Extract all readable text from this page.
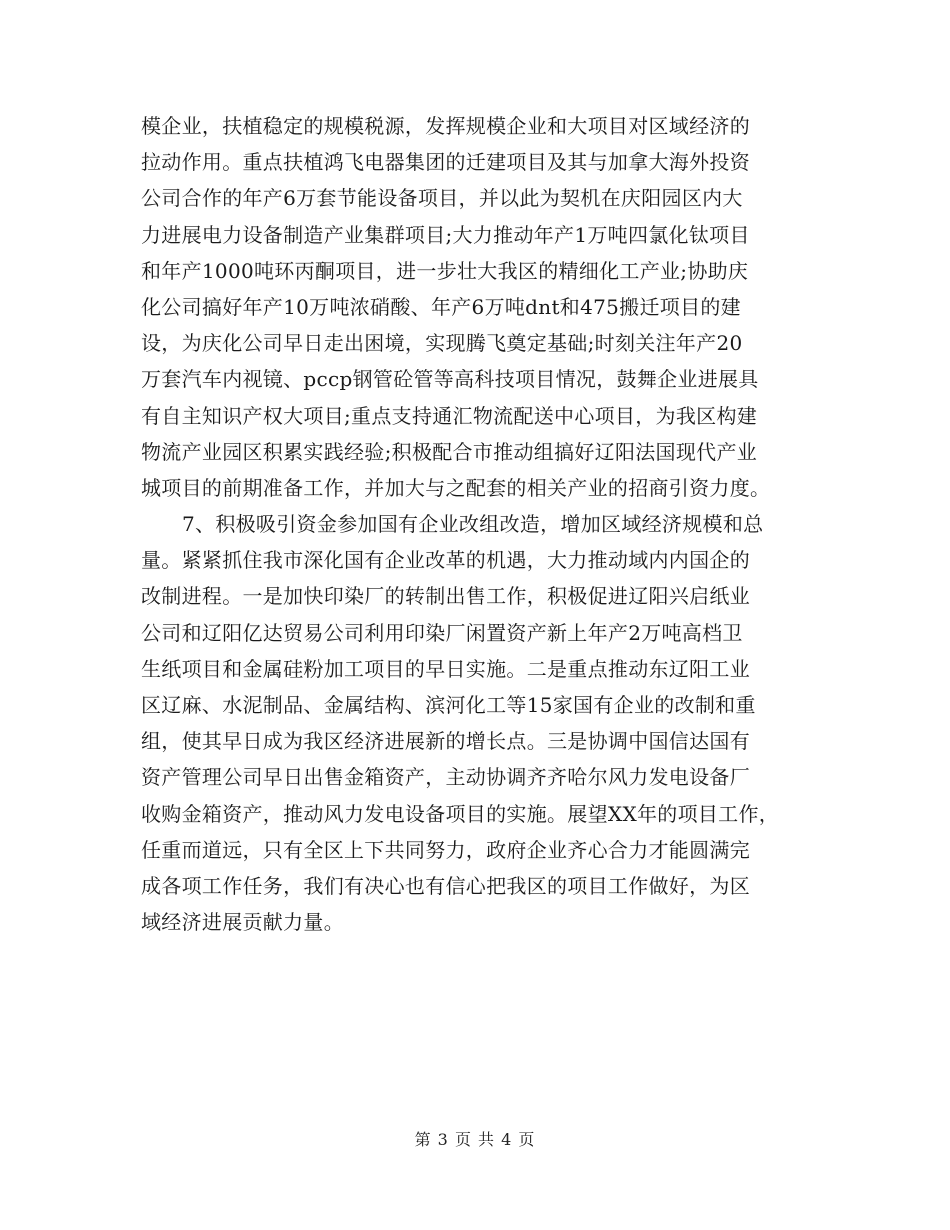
模企业，扶植稳定的规模税源，发挥规模企业和大项目对区域经济的
拉动作用。重点扶植鸿飞电器集团的迁建项目及其与加拿大海外投资
公司合作的年产6万套节能设备项目，并以此为契机在庆阳园区内大
力进展电力设备制造产业集群项目;大力推动年产1万吨四氯化钛项目
和年产1000吨环丙酮项目，进一步壮大我区的精细化工产业;协助庆
化公司搞好年产10万吨浓硝酸、年产6万吨dnt和475搬迁项目的建
设，为庆化公司早日走出困境，实现腾飞奠定基础;时刻关注年产20
万套汽车内视镜、pccp钢管砼管等高科技项目情况，鼓舞企业进展具
有自主知识产权大项目;重点支持通汇物流配送中心项目，为我区构建
物流产业园区积累实践经验;积极配合市推动组搞好辽阳法国现代产业
城项目的前期准备工作，并加大与之配套的相关产业的招商引资力度。
7、积极吸引资金参加国有企业改组改造，增加区域经济规模和总
量。紧紧抓住我市深化国有企业改革的机遇，大力推动域内内国企的
改制进程。一是加快印染厂的转制出售工作，积极促进辽阳兴启纸业
公司和辽阳亿达贸易公司利用印染厂闲置资产新上年产2万吨高档卫
生纸项目和金属硅粉加工项目的早日实施。二是重点推动东辽阳工业
区辽麻、水泥制品、金属结构、滨河化工等15家国有企业的改制和重
组，使其早日成为我区经济进展新的增长点。三是协调中国信达国有
资产管理公司早日出售金箱资产，主动协调齐齐哈尔风力发电设备厂
收购金箱资产，推动风力发电设备项目的实施。展望XX年的项目工作，
任重而道远，只有全区上下共同努力，政府企业齐心合力才能圆满完
成各项工作任务，我们有决心也有信心把我区的项目工作做好，为区
域经济进展贡献力量。
第 3 页 共 4 页
